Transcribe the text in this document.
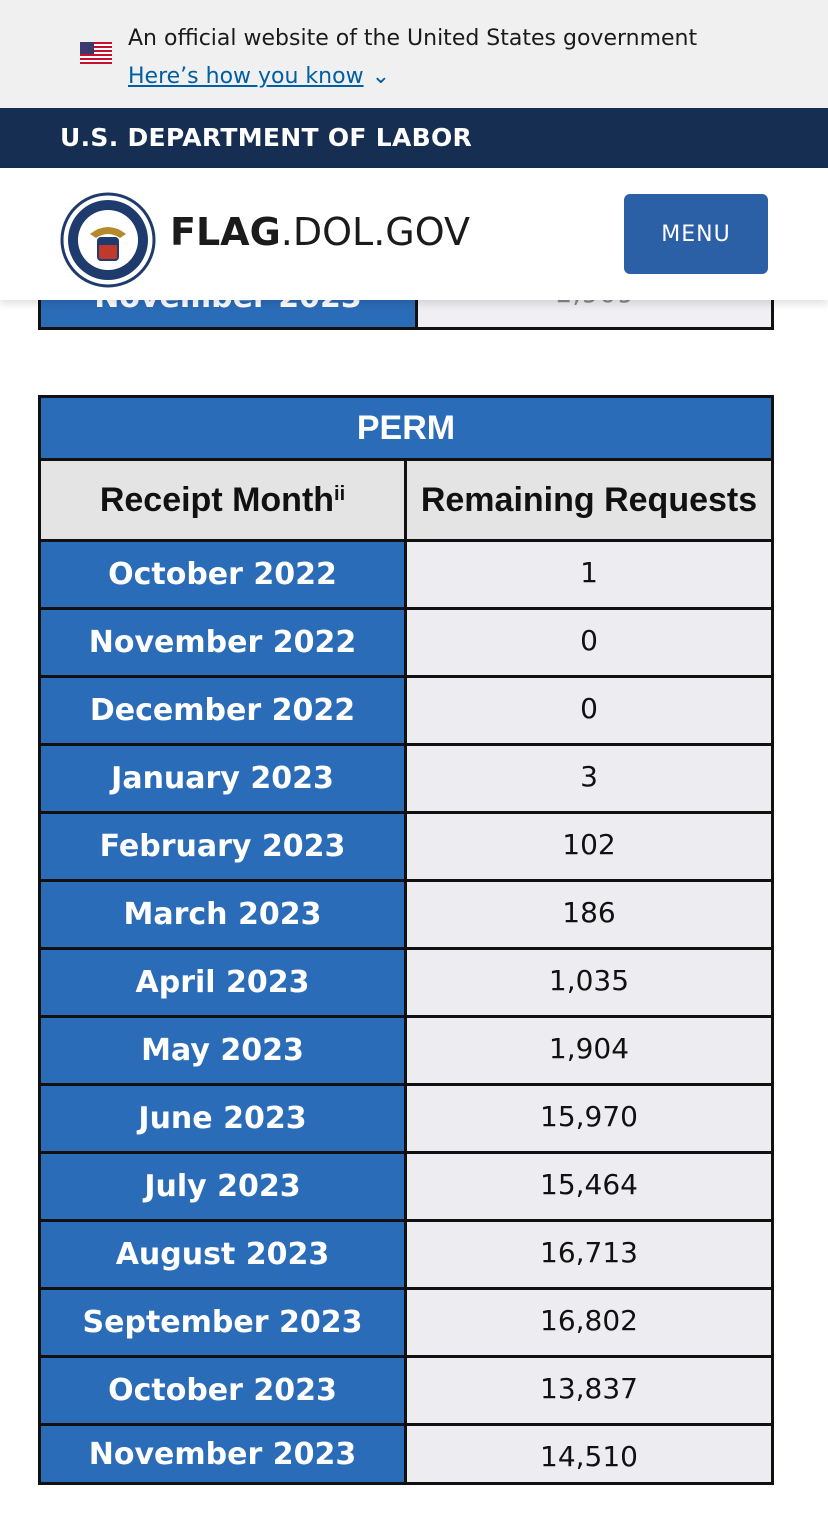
An official website of the United States government
Here’s how you know ⌄
U.S. DEPARTMENT OF LABOR
FLAG.DOL.GOV	MENU
PERM
Receipt Month$^{ii}$	Remaining Requests
October 2022	1
November 2022	0
December 2022	0
January 2023	3
February 2023	102
March 2023	186
April 2023	1,035
May 2023	1,904
June 2023	15,970
July 2023	15,464
August 2023	16,713
September 2023	16,802
October 2023	13,837
November 2023	14,510
